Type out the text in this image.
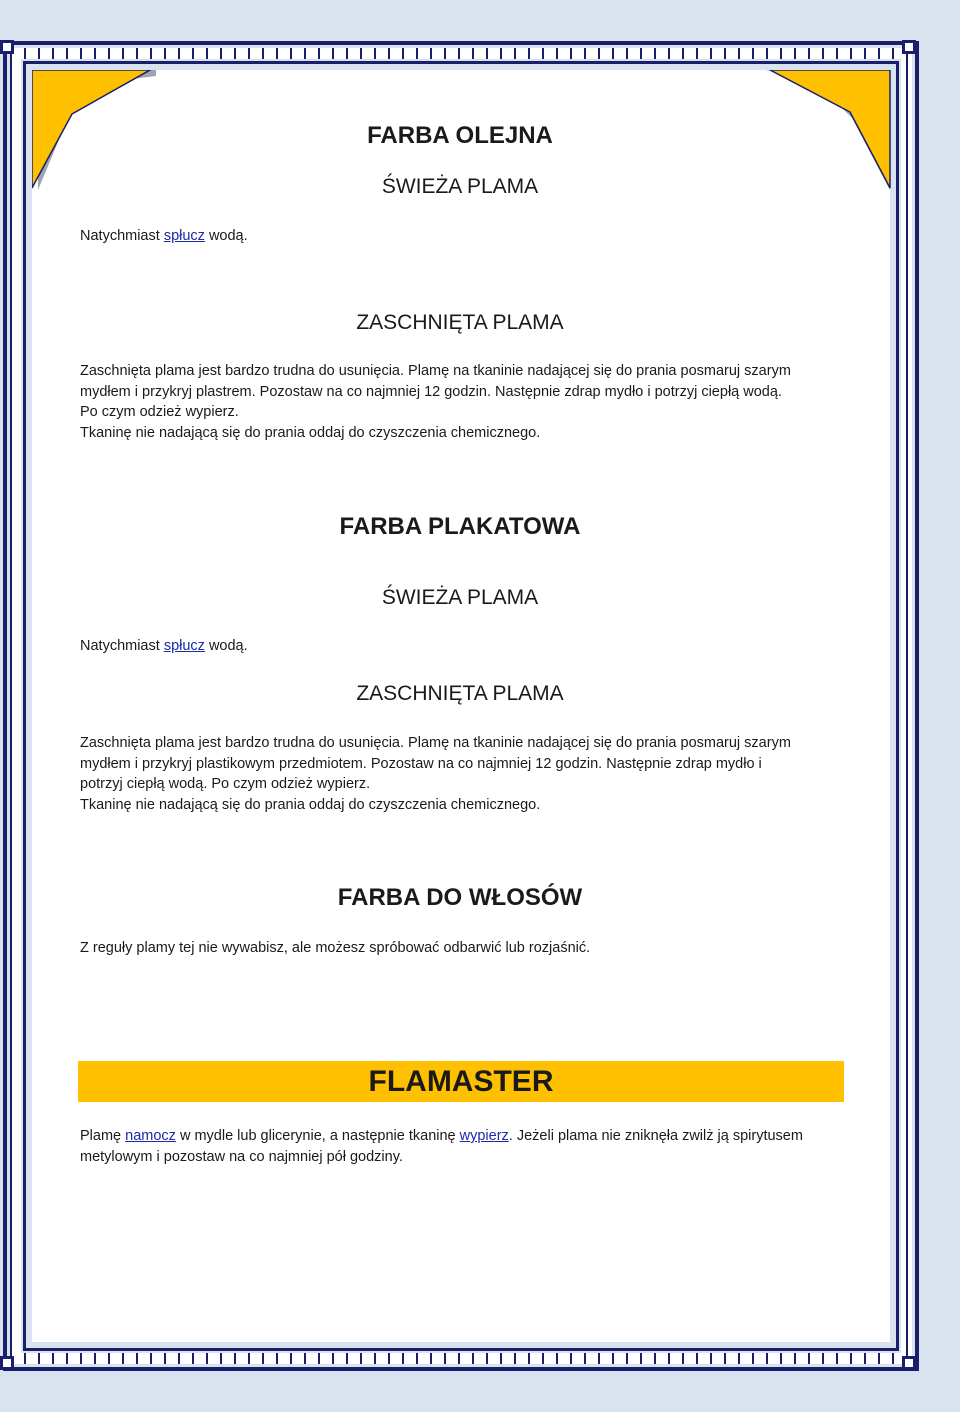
FARBA OLEJNA
ŚWIEŻA PLAMA
Natychmiast spłucz wodą.
ZASCHNIĘTA PLAMA
Zaschnięta plama jest bardzo trudna do usunięcia. Plamę na tkaninie nadającej się do prania posmaruj szarym
mydłem i przykryj plastrem. Pozostaw na co najmniej 12 godzin. Następnie zdrap mydło i potrzyj ciepłą wodą.
Po czym odzież wypierz.
Tkaninę nie nadającą się do prania oddaj do czyszczenia chemicznego.
FARBA PLAKATOWA
ŚWIEŻA PLAMA
Natychmiast spłucz wodą.
ZASCHNIĘTA PLAMA
Zaschnięta plama jest bardzo trudna do usunięcia. Plamę na tkaninie nadającej się do prania posmaruj szarym
mydłem i przykryj plastikowym przedmiotem. Pozostaw na co najmniej 12 godzin. Następnie zdrap mydło i
potrzyj ciepłą wodą. Po czym odzież wypierz.
Tkaninę nie nadającą się do prania oddaj do czyszczenia chemicznego.
FARBA DO WŁOSÓW
Z reguły plamy tej nie wywabisz, ale możesz spróbować odbarwić lub rozjaśnić.
FLAMASTER
Plamę namocz w mydle lub glicerynie, a następnie tkaninę wypierz. Jeżeli plama nie zniknęła zwilż ją spirytusem
metylowym i pozostaw na co najmniej pół godziny.
